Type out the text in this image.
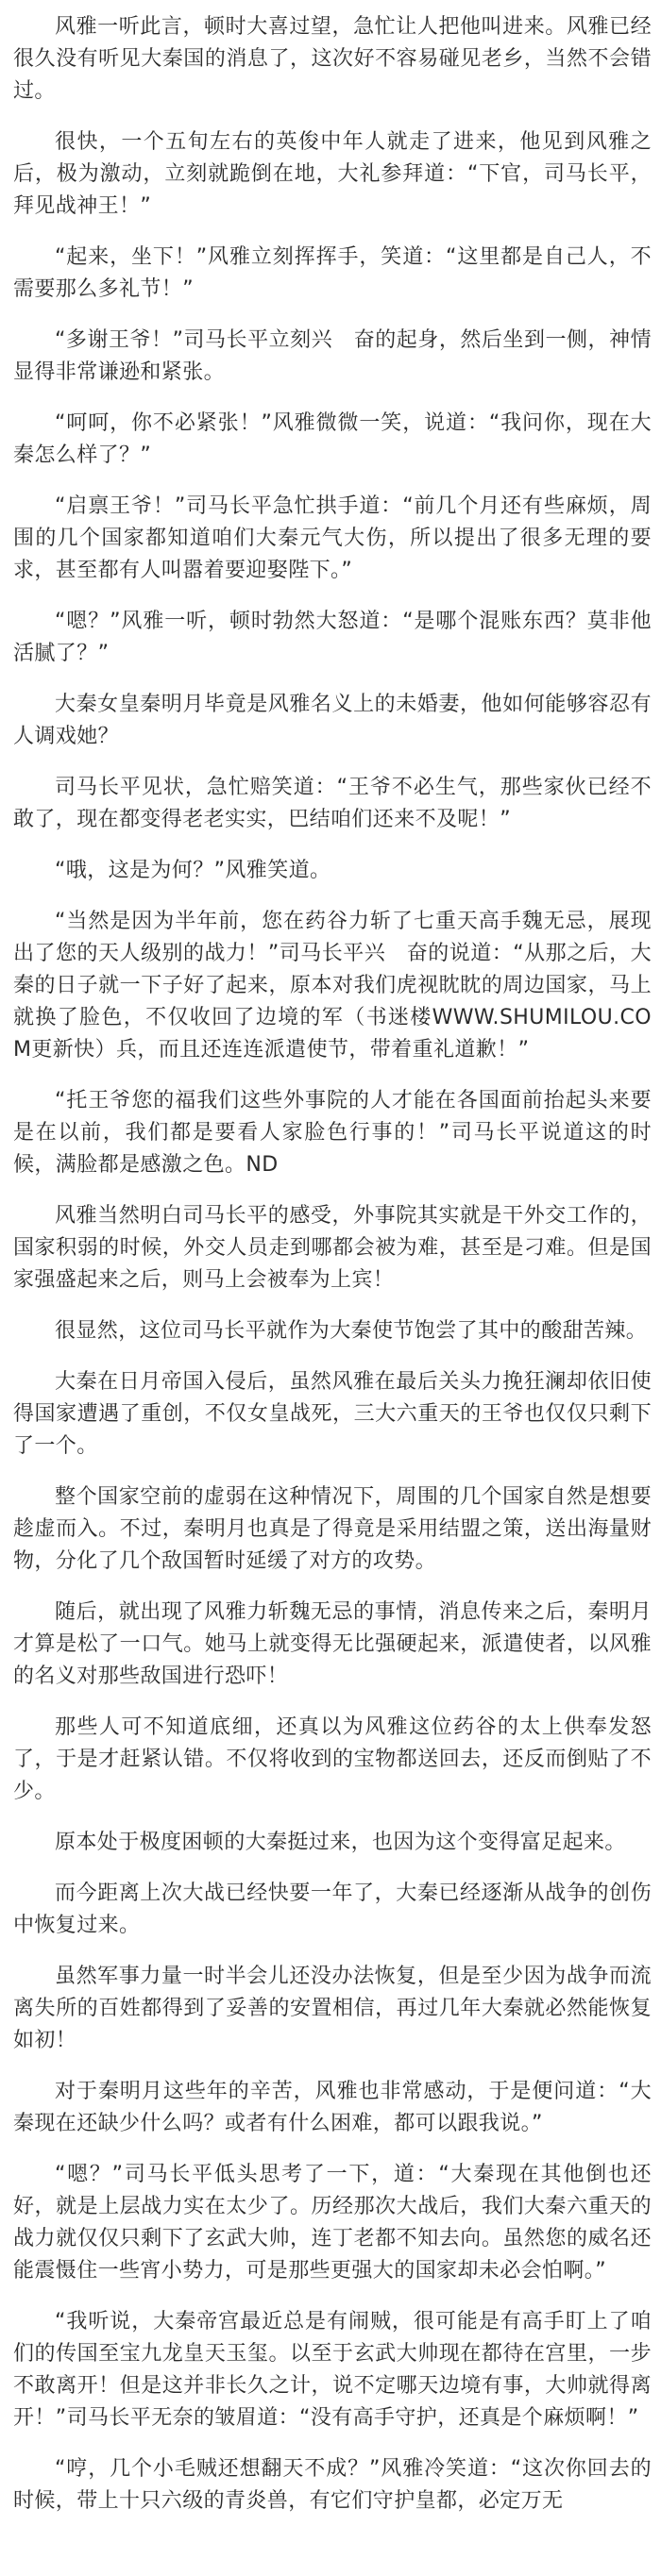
风雅一听此言，顿时大喜过望，急忙让人把他叫进来。风雅已经很久没有听见大秦国的消息了，这次好不容易碰见老乡，当然不会错过。

很快，一个五旬左右的英俊中年人就走了进来，他见到风雅之后，极为激动，立刻就跪倒在地，大礼参拜道：“下官，司马长平，拜见战神王！”

“起来，坐下！”风雅立刻挥挥手，笑道：“这里都是自己人，不需要那么多礼节！”

“多谢王爷！”司马长平立刻兴　奋的起身，然后坐到一侧，神情显得非常谦逊和紧张。

“呵呵，你不必紧张！”风雅微微一笑，说道：“我问你，现在大秦怎么样了？”

“启禀王爷！”司马长平急忙拱手道：“前几个月还有些麻烦，周围的几个国家都知道咱们大秦元气大伤，所以提出了很多无理的要求，甚至都有人叫嚣着要迎娶陛下。”

“嗯？”风雅一听，顿时勃然大怒道：“是哪个混账东西？莫非他活腻了？”

大秦女皇秦明月毕竟是风雅名义上的未婚妻，他如何能够容忍有人调戏她？

司马长平见状，急忙赔笑道：“王爷不必生气，那些家伙已经不敢了，现在都变得老老实实，巴结咱们还来不及呢！”

“哦，这是为何？”风雅笑道。

“当然是因为半年前，您在药谷力斩了七重天高手魏无忌，展现出了您的天人级别的战力！”司马长平兴　奋的说道：“从那之后，大秦的日子就一下子好了起来，原本对我们虎视眈眈的周边国家，马上就换了脸色，不仅收回了边境的军（书迷楼WWW.SHUMILOU.COM更新快）兵，而且还连连派遣使节，带着重礼道歉！”

“托王爷您的福我们这些外事院的人才能在各国面前抬起头来要是在以前，我们都是要看人家脸色行事的！”司马长平说道这的时候，满脸都是感激之色。ND

风雅当然明白司马长平的感受，外事院其实就是干外交工作的，国家积弱的时候，外交人员走到哪都会被为难，甚至是刁难。但是国家强盛起来之后，则马上会被奉为上宾！

很显然，这位司马长平就作为大秦使节饱尝了其中的酸甜苦辣。

大秦在日月帝国入侵后，虽然风雅在最后关头力挽狂澜却依旧使得国家遭遇了重创，不仅女皇战死，三大六重天的王爷也仅仅只剩下了一个。

整个国家空前的虚弱在这种情况下，周围的几个国家自然是想要趁虚而入。不过，秦明月也真是了得竟是采用结盟之策，送出海量财物，分化了几个敌国暂时延缓了对方的攻势。

随后，就出现了风雅力斩魏无忌的事情，消息传来之后，秦明月才算是松了一口气。她马上就变得无比强硬起来，派遣使者，以风雅的名义对那些敌国进行恐吓！

那些人可不知道底细，还真以为风雅这位药谷的太上供奉发怒了，于是才赶紧认错。不仅将收到的宝物都送回去，还反而倒贴了不少。

原本处于极度困顿的大秦挺过来，也因为这个变得富足起来。

而今距离上次大战已经快要一年了，大秦已经逐渐从战争的创伤中恢复过来。

虽然军事力量一时半会儿还没办法恢复，但是至少因为战争而流离失所的百姓都得到了妥善的安置相信，再过几年大秦就必然能恢复如初！

对于秦明月这些年的辛苦，风雅也非常感动，于是便问道：“大秦现在还缺少什么吗？或者有什么困难，都可以跟我说。”

“嗯？”司马长平低头思考了一下，道：“大秦现在其他倒也还好，就是上层战力实在太少了。历经那次大战后，我们大秦六重天的战力就仅仅只剩下了玄武大帅，连丁老都不知去向。虽然您的威名还能震慑住一些宵小势力，可是那些更强大的国家却未必会怕啊。”

“我听说，大秦帝宫最近总是有闹贼，很可能是有高手盯上了咱们的传国至宝九龙皇天玉玺。以至于玄武大帅现在都待在宫里，一步不敢离开！但是这并非长久之计，说不定哪天边境有事，大帅就得离开！”司马长平无奈的皱眉道：“没有高手守护，还真是个麻烦啊！”

“哼，几个小毛贼还想翻天不成？”风雅冷笑道：“这次你回去的时候，带上十只六级的青炎兽，有它们守护皇都，必定万无
